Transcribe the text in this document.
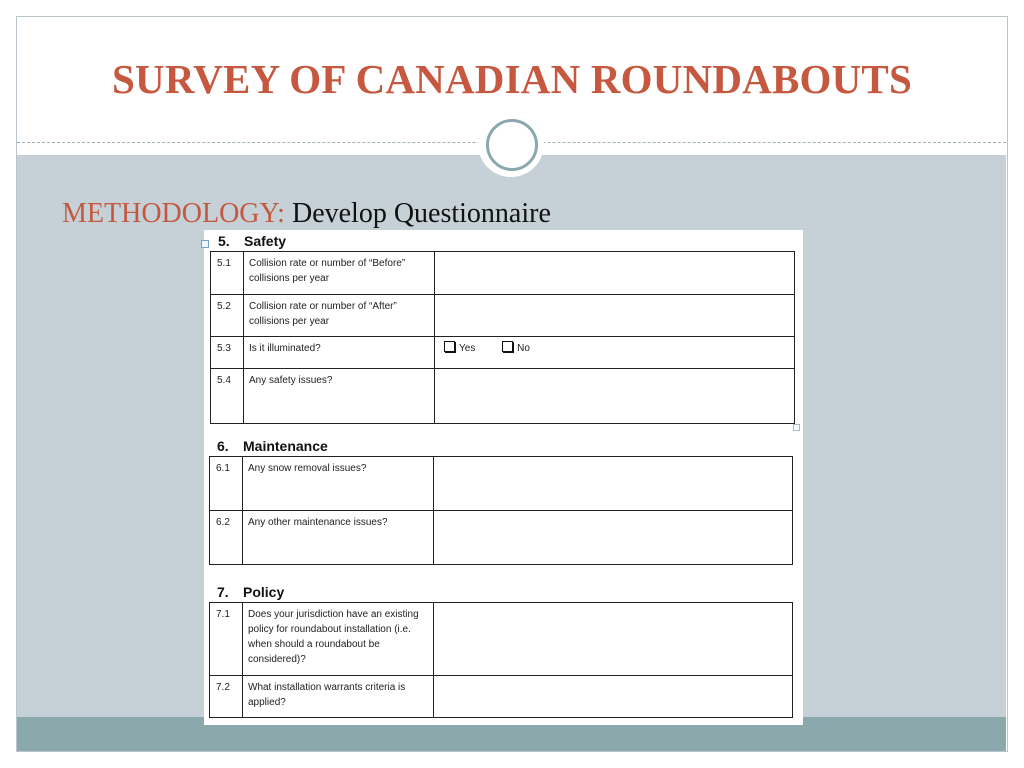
SURVEY OF CANADIAN ROUNDABOUTS

METHODOLOGY: Develop Questionnaire

5. Safety
5.1	Collision rate or number of “Before” collisions per year	
5.2	Collision rate or number of “After” collisions per year	
5.3	Is it illuminated?	Yes No
5.4	Any safety issues?	
6. Maintenance
6.1	Any snow removal issues?	
6.2	Any other maintenance issues?	
7. Policy
7.1	Does your jurisdiction have an existing policy for roundabout installation (i.e. when should a roundabout be considered)?	
7.2	What installation warrants criteria is applied?	
